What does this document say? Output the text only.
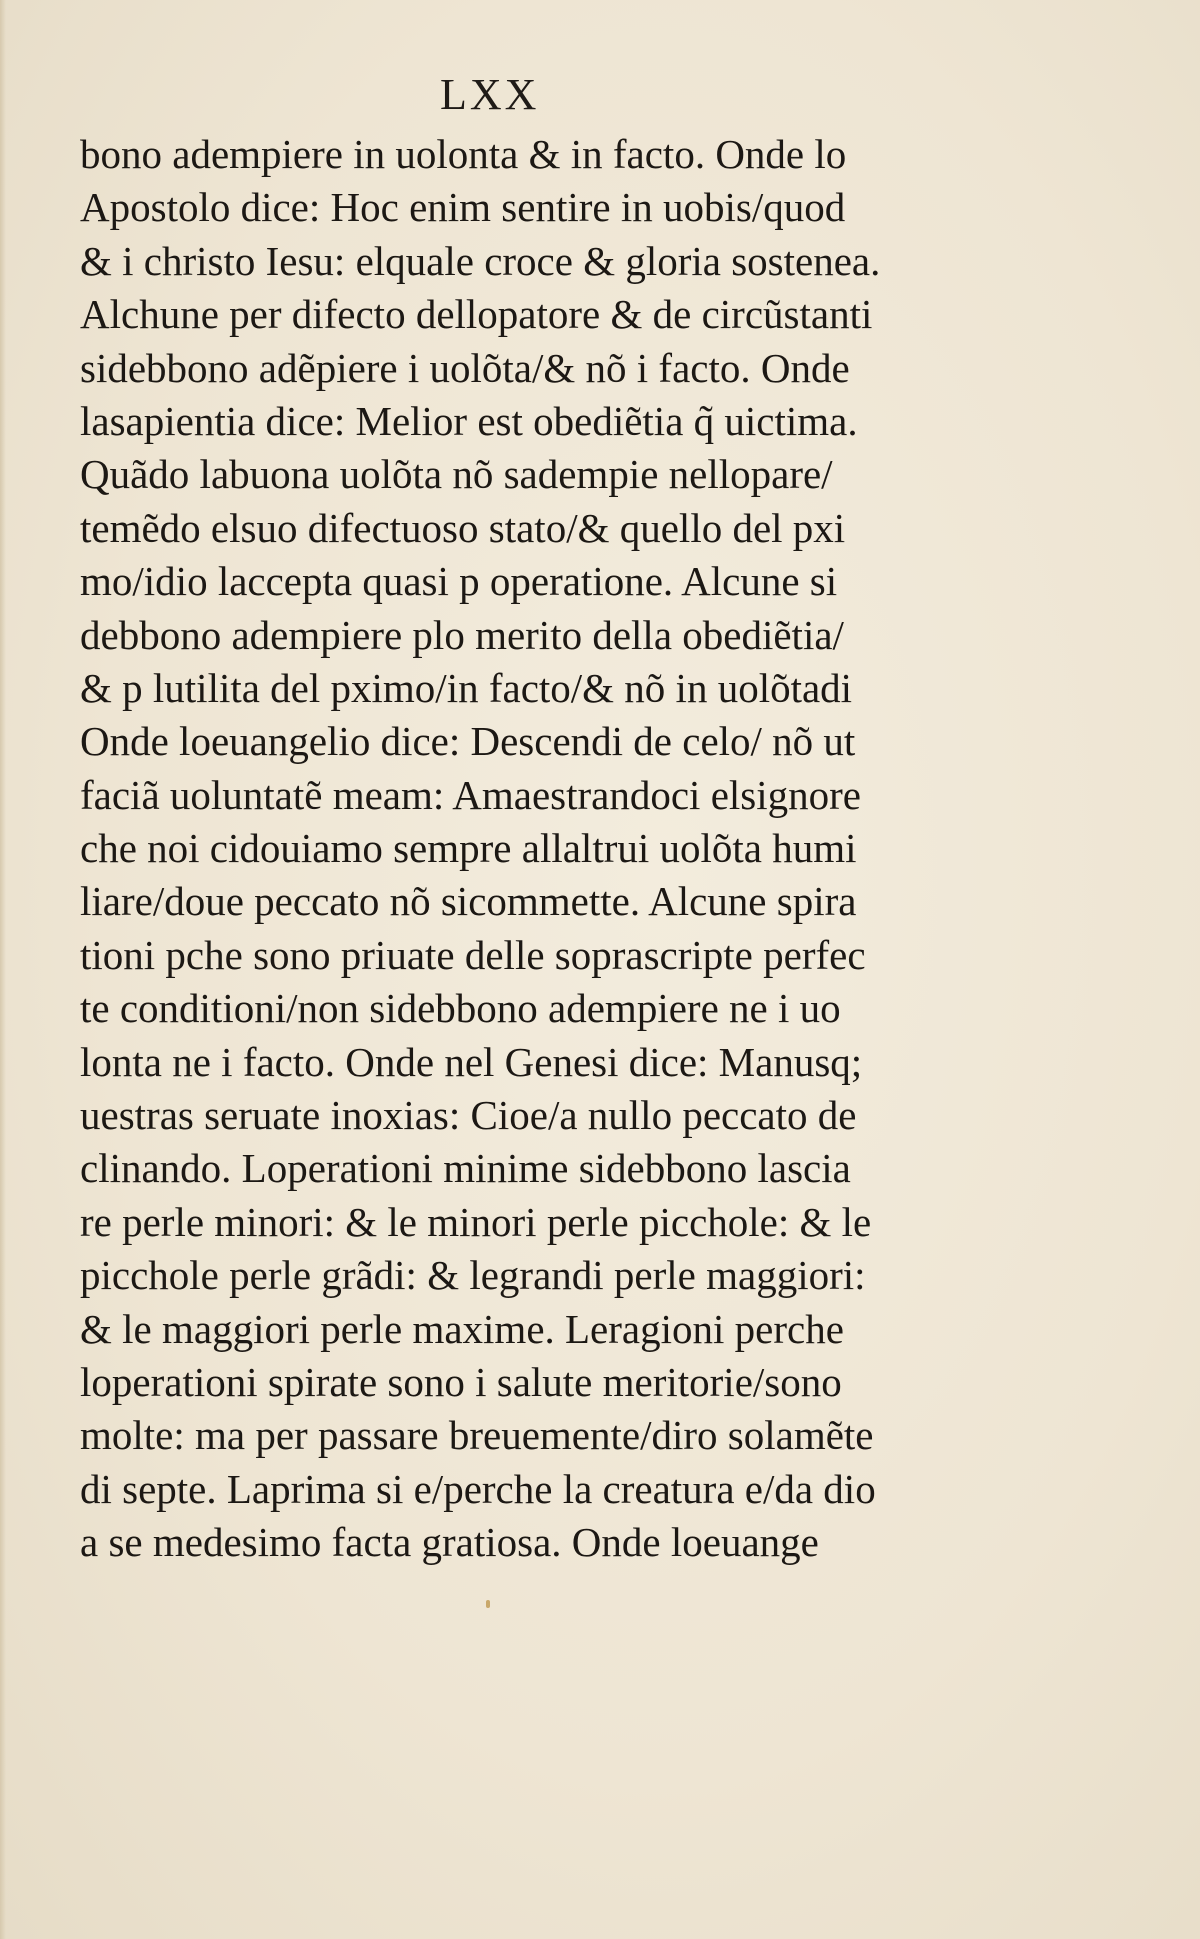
LXX
bono adempiere in uolonta & in facto. Onde lo
Apostolo dice: Hoc enim sentire in uobis/quod
& i christo Iesu: elquale croce & gloria sostenea.
Alchune per difecto dellopatore & de circũstanti
sidebbono adẽpiere i uolõta/& nõ i facto. Onde
lasapientia dice: Melior est obediẽtia q̃ uictima.
Quãdo labuona uolõta nõ sadempie nellopare/
temẽdo elsuo difectuoso stato/& quello del pxi
mo/idio laccepta quasi p operatione. Alcune si
debbono adempiere plo merito della obediẽtia/
& p lutilita del pximo/in facto/& nõ in uolõtadi
Onde loeuangelio dice: Descendi de celo/ nõ ut
faciã uoluntatẽ meam: Amaestrandoci elsignore
che noi cidouiamo sempre allaltrui uolõta humi
liare/doue peccato nõ sicommette. Alcune spira
tioni pche sono priuate delle soprascripte perfec
te conditioni/non sidebbono adempiere ne i uo
lonta ne i facto. Onde nel Genesi dice: Manusq;
uestras seruate inoxias: Cioe/a nullo peccato de
clinando. Loperationi minime sidebbono lascia
re perle minori: & le minori perle picchole: & le
picchole perle grãdi: & legrandi perle maggiori:
& le maggiori perle maxime. Leragioni perche
loperationi spirate sono i salute meritorie/sono
molte: ma per passare breuemente/diro solamẽte
di septe. Laprima si e/perche la creatura e/da dio
a se medesimo facta gratiosa. Onde loeuange
